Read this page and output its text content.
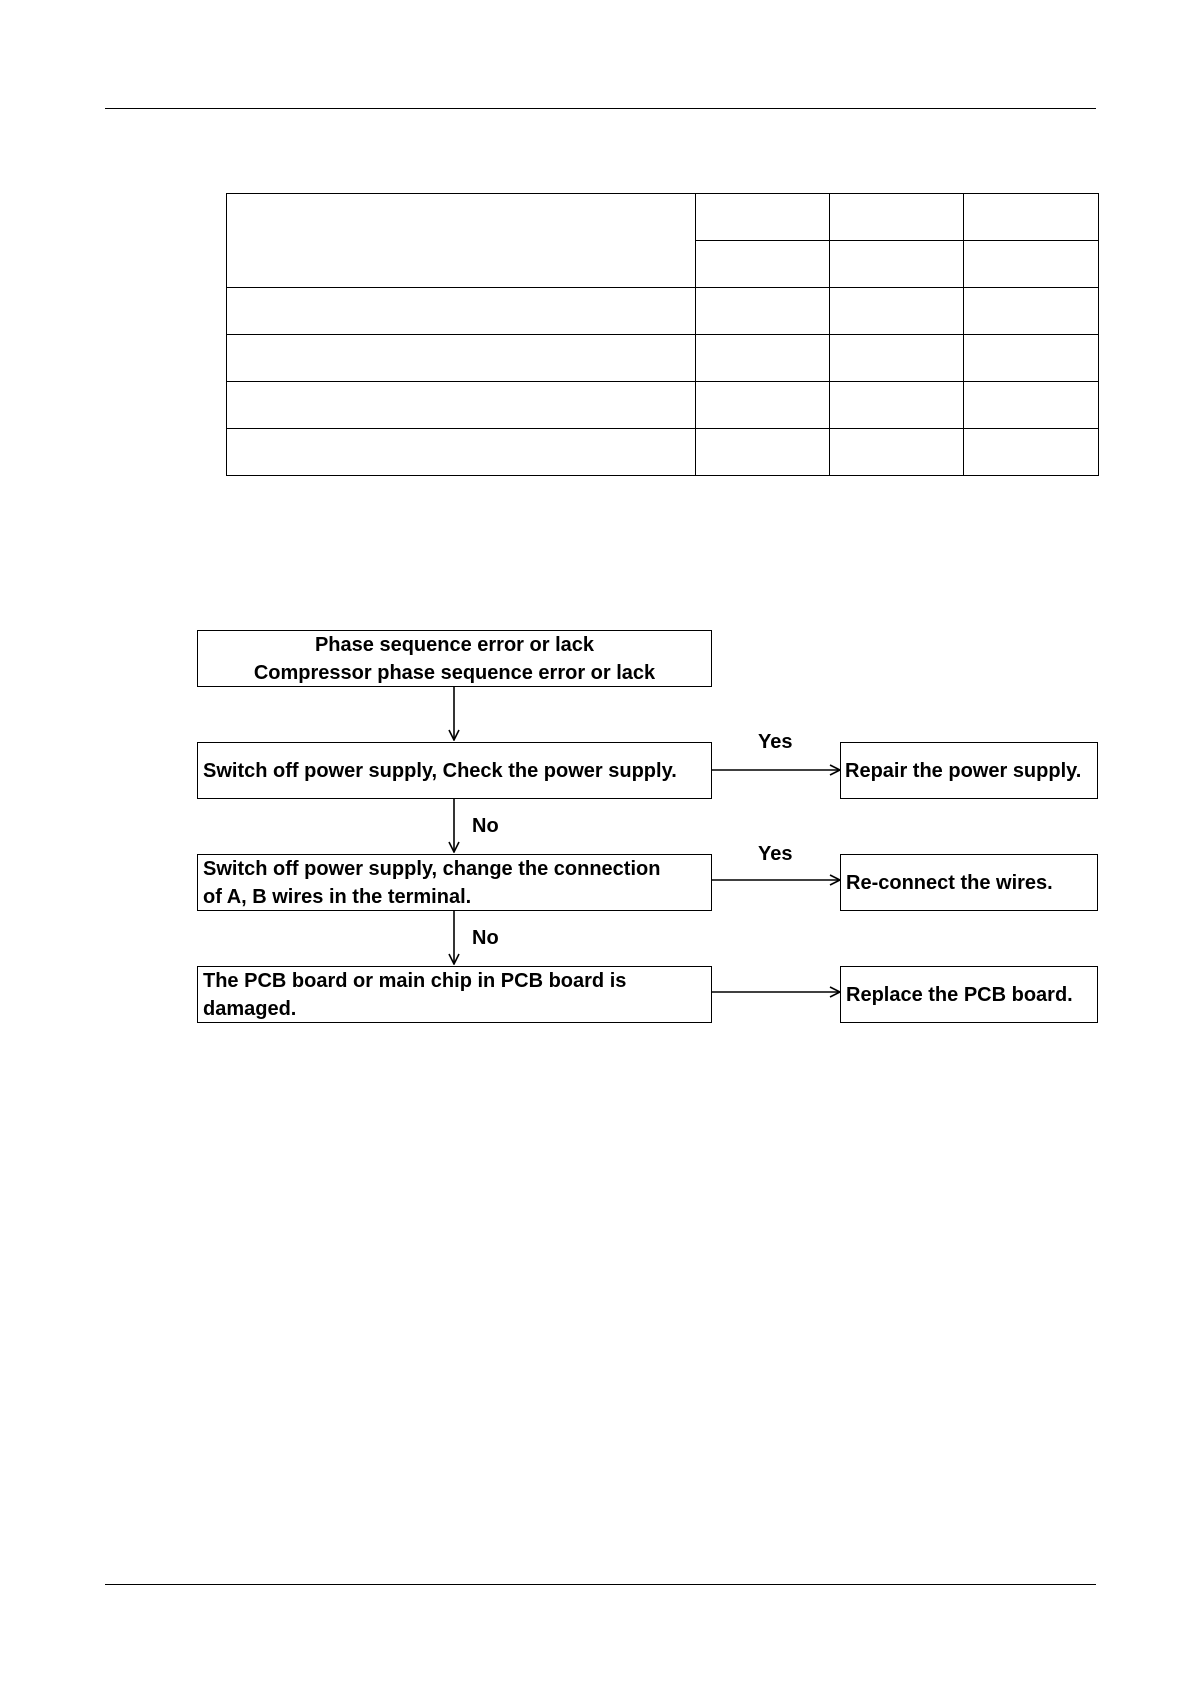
Phase sequence error or lack
Compressor phase sequence error or lack
Switch off power supply, Check the power supply.
Switch off power supply, change the connection
of A, B wires in the terminal.
The PCB board or main chip in PCB board is
damaged.
Repair the power supply.
Re-connect the wires.
Replace the PCB board.
Yes
Yes
No
No
